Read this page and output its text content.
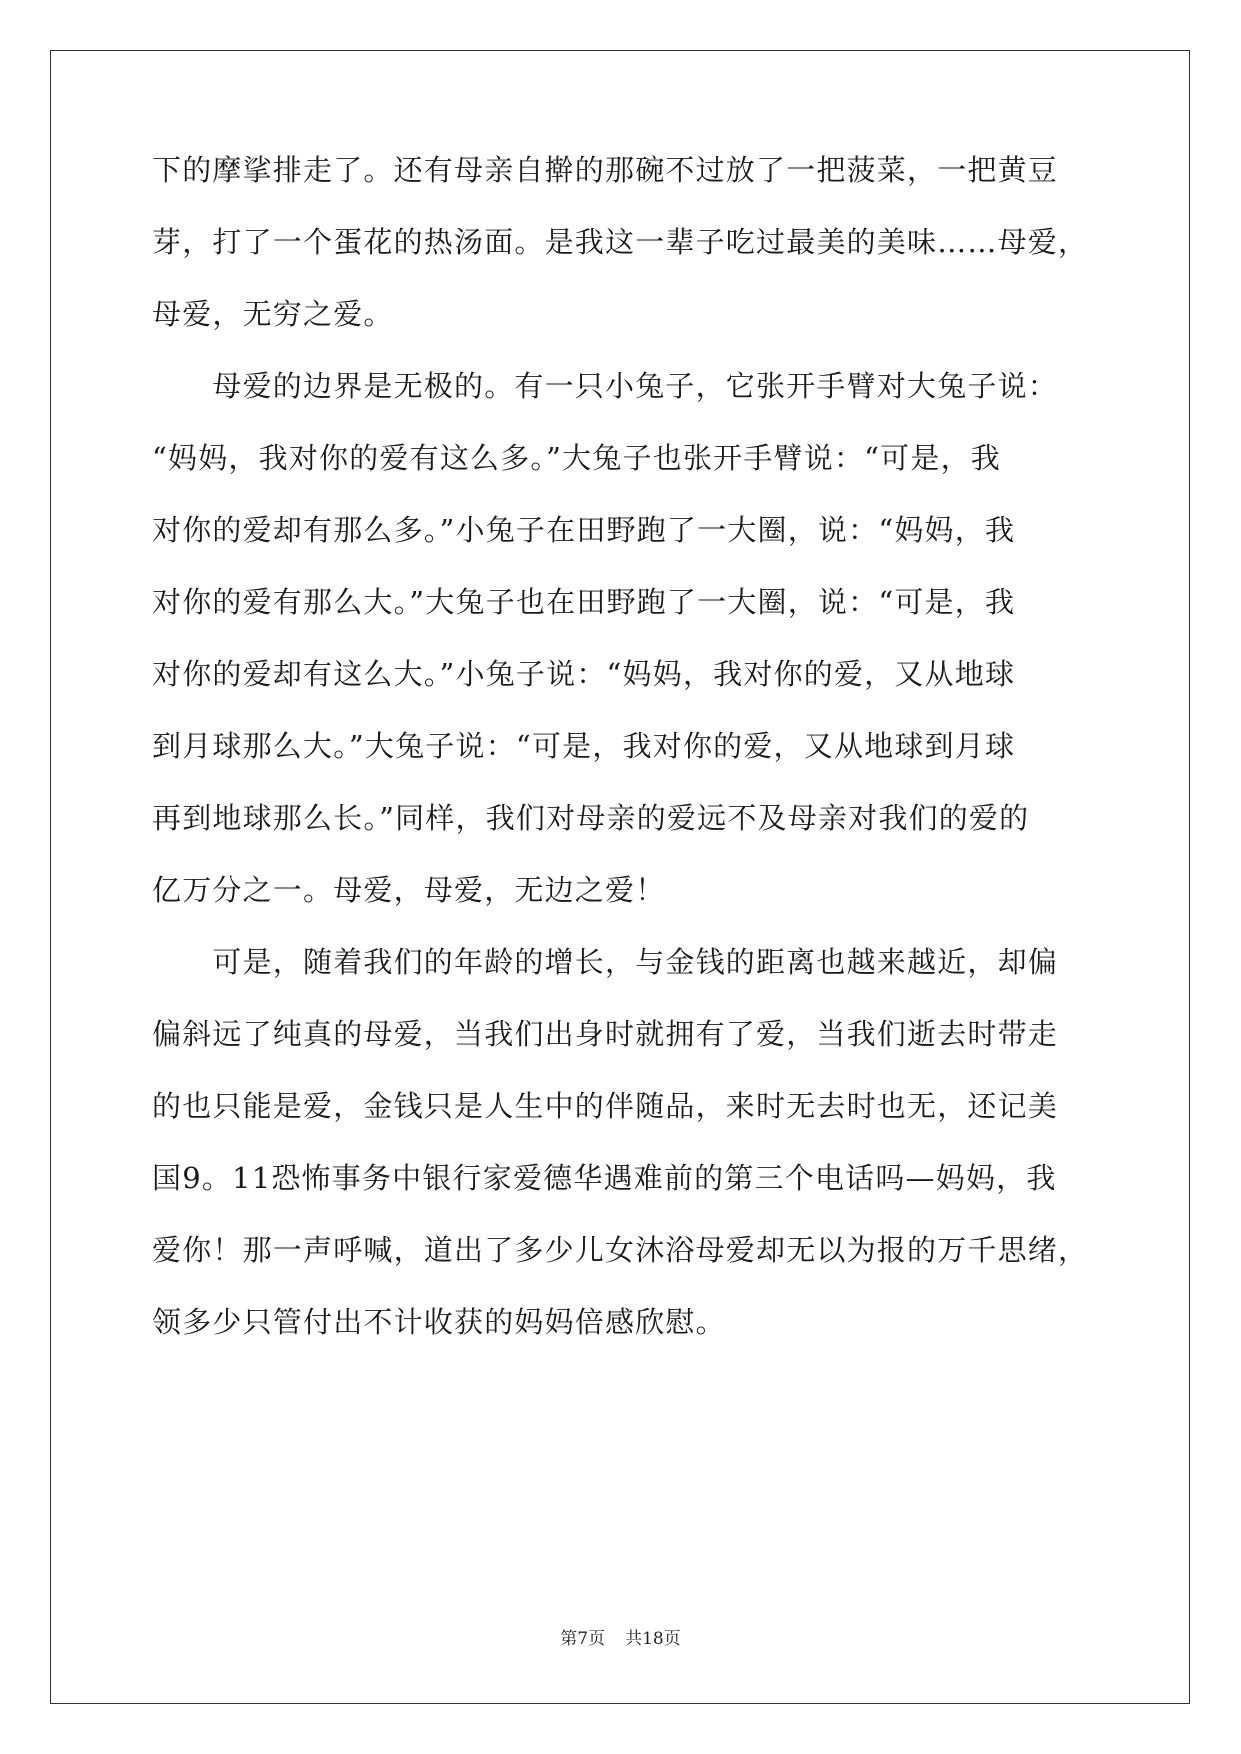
下的摩挲排走了。还有母亲自擀的那碗不过放了一把菠菜，一把黄豆
芽，打了一个蛋花的热汤面。是我这一辈子吃过最美的美味……母爱，
母爱，无穷之爱。
　　母爱的边界是无极的。有一只小兔子，它张开手臂对大兔子说：
“妈妈，我对你的爱有这么多。”大兔子也张开手臂说：“可是，我
对你的爱却有那么多。”小兔子在田野跑了一大圈，说：“妈妈，我
对你的爱有那么大。”大兔子也在田野跑了一大圈，说：“可是，我
对你的爱却有这么大。”小兔子说：“妈妈，我对你的爱，又从地球
到月球那么大。”大兔子说：“可是，我对你的爱，又从地球到月球
再到地球那么长。”同样，我们对母亲的爱远不及母亲对我们的爱的
亿万分之一。母爱，母爱，无边之爱！
　　可是，随着我们的年龄的增长，与金钱的距离也越来越近，却偏
偏斜远了纯真的母爱，当我们出身时就拥有了爱，当我们逝去时带走
的也只能是爱，金钱只是人生中的伴随品，来时无去时也无，还记美
国9。11恐怖事务中银行家爱德华遇难前的第三个电话吗—妈妈，我
爱你！那一声呼喊，道出了多少儿女沐浴母爱却无以为报的万千思绪，
领多少只管付出不计收获的妈妈倍感欣慰。
第7页 共18页
